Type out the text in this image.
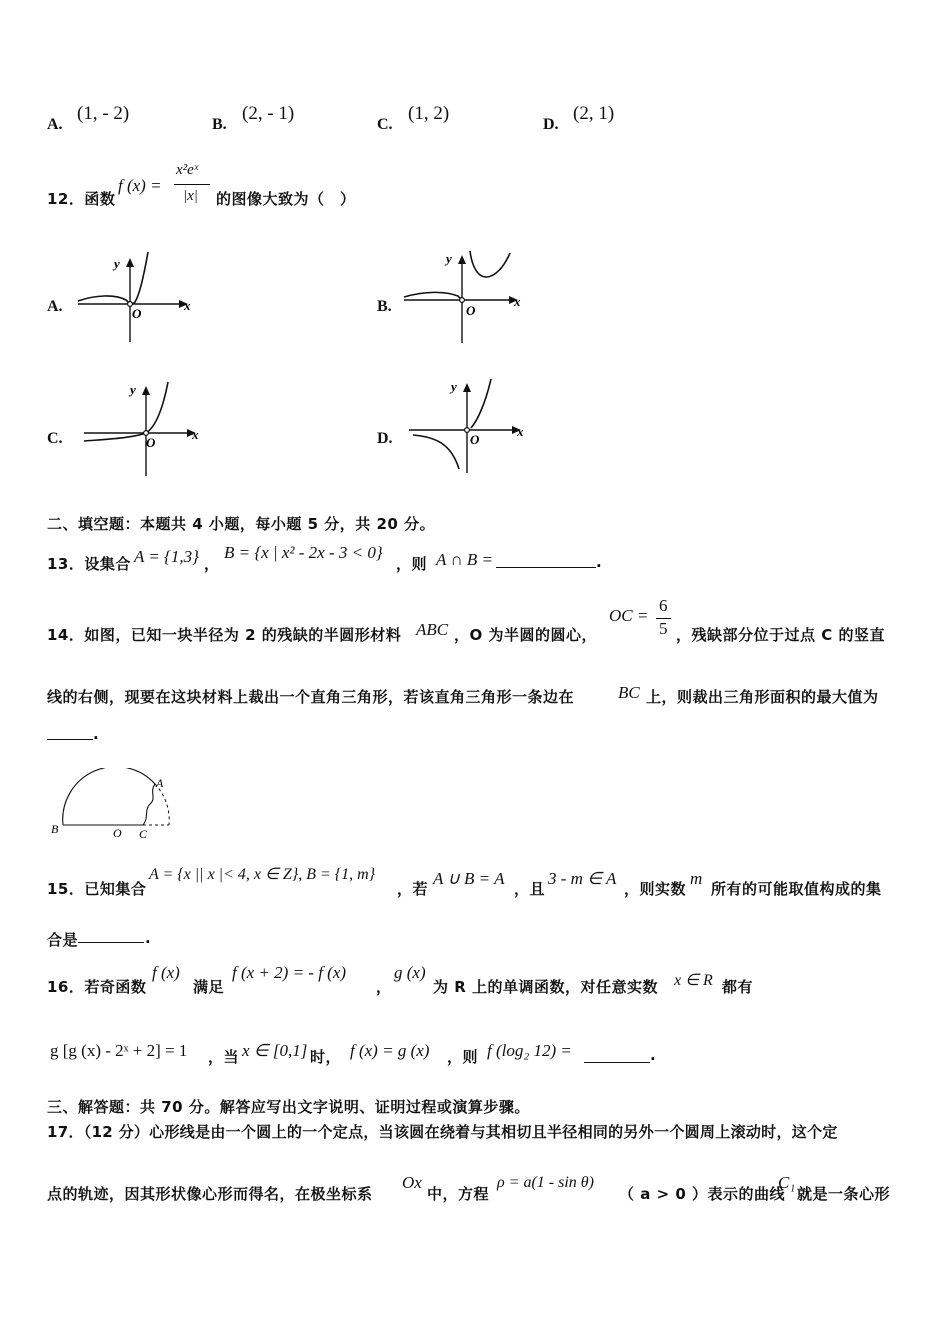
A.
(1, - 2)
B.
(2, - 1)
C.
(1, 2)
D.
(2, 1)
12．函数
f (x) =
x²eˣ
|x| 的图像大致为（　）
A.
y
x
O	B.
y
x
O
C.
y
x
O	D.
y
x
O
二、填空题：本题共 4 小题，每小题 5 分，共 20 分。
13．设集合 A = {1,3} ，
B = {x | x² - 2x - 3 < 0}
，则 A ∩ B =	.
14．如图，已知一块半径为 2 的残缺的半圆形材料 ABC ，O 为半圆的圆心，
OC =
6
5 ，残缺部分位于过点 C 的竖直
线的右侧，现要在这块材料上裁出一个直角三角形，若该直角三角形一条边在	BC 上，则裁出三角形面积的最大值为
.
B	O C
A
15．已知集合
A = {x || x |< 4, x ∈ Z}, B = {1, m}
，若
A ∪ B = A
，且
3 - m ∈ A
，则实数
m
所有的可能取值构成的集
合是	.
16．若奇函数
f (x)
满足
f (x + 2) = - f (x)
，
g (x)
为 R 上的单调函数，对任意实数 x ∈ R 都有
g [g (x) - 2ˣ + 2] = 1 ，当 x ∈ [0,1] 时， f (x) = g (x) ，则 f (log₂ 12) =	.
三、解答题：共 70 分。解答应写出文字说明、证明过程或演算步骤。
17．（12 分）心形线是由一个圆上的一个定点，当该圆在绕着与其相切且半径相同的另外一个圆周上滚动时，这个定
点的轨迹，因其形状像心形而得名，在极坐标系
Ox
中，方程
ρ = a(1 - sin θ)
（ a > 0 ）表示的曲线
C₁
就是一条心形
